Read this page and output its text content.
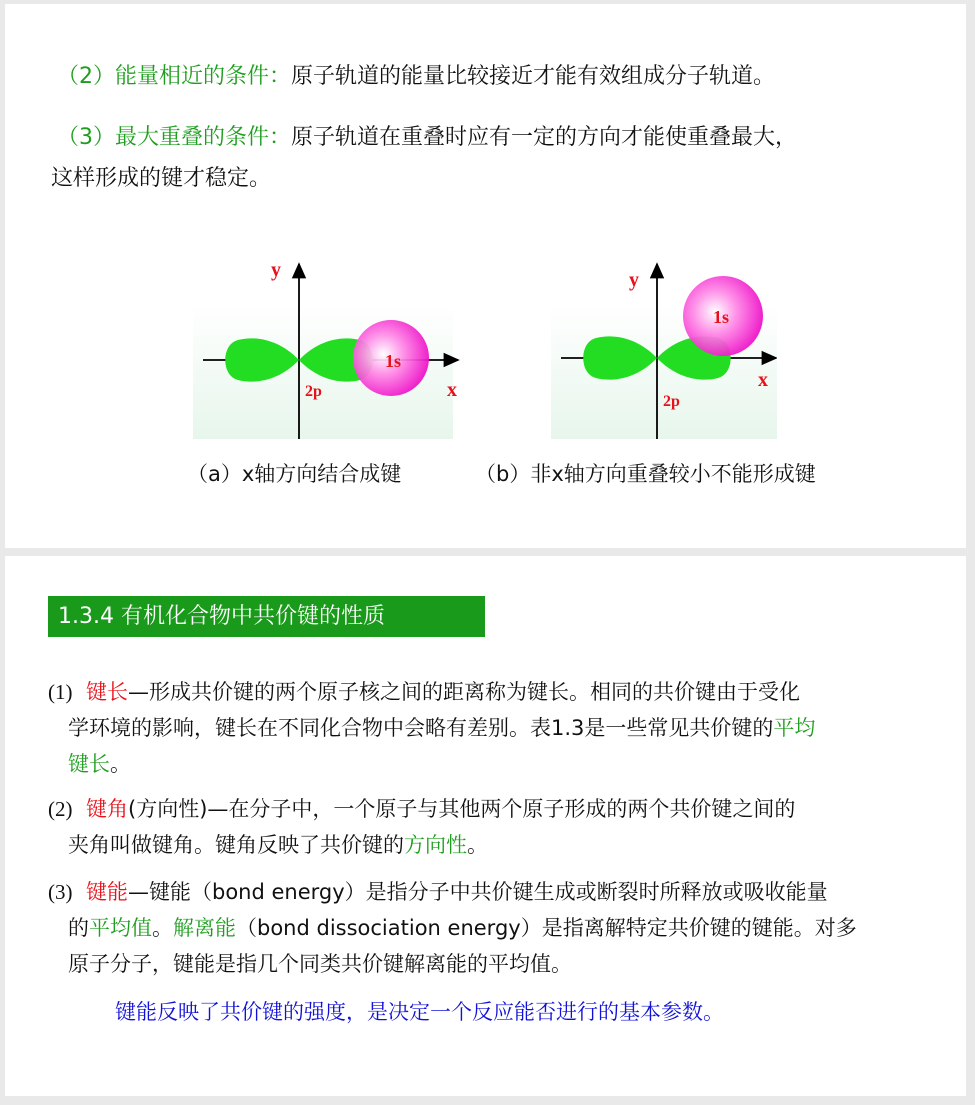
（2）能量相近的条件：原子轨道的能量比较接近才能有效组成分子轨道。
（3）最大重叠的条件：原子轨道在重叠时应有一定的方向才能使重叠最大，
这样形成的键才稳定。
y
x
2p
1s
y
x
2p
1s
（a）x轴方向结合成键	（b）非x轴方向重叠较小不能形成键
1.3.4 有机化合物中共价键的性质
(1) 键长—形成共价键的两个原子核之间的距离称为键长。相同的共价键由于受化
学环境的影响，键长在不同化合物中会略有差别。表1.3是一些常见共价键的平均
键长。
(2) 键角(方向性)—在分子中，一个原子与其他两个原子形成的两个共价键之间的
夹角叫做键角。键角反映了共价键的方向性。
(3) 键能—键能（bond energy）是指分子中共价键生成或断裂时所释放或吸收能量
的平均值。解离能（bond dissociation energy）是指离解特定共价键的键能。对多
原子分子，键能是指几个同类共价键解离能的平均值。
键能反映了共价键的强度，是决定一个反应能否进行的基本参数。
